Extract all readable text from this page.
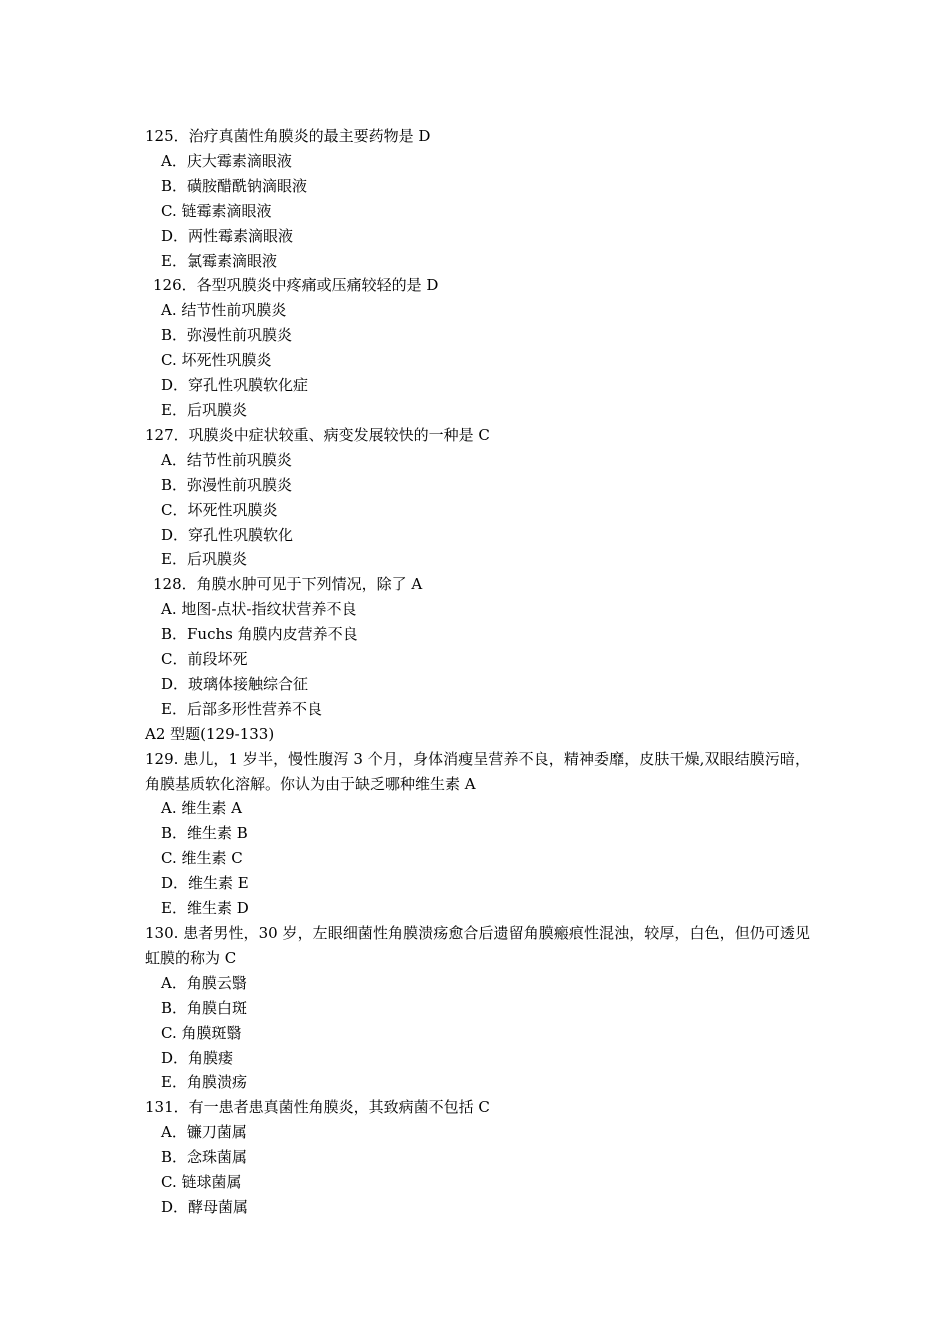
125．治疗真菌性角膜炎的最主要药物是 D
A．庆大霉素滴眼液
B．磺胺醋酰钠滴眼液
C. 链霉素滴眼液
D．两性霉素滴眼液
E．氯霉素滴眼液
126．各型巩膜炎中疼痛或压痛较轻的是 D
A. 结节性前巩膜炎
B．弥漫性前巩膜炎
C. 坏死性巩膜炎
D．穿孔性巩膜软化症
E．后巩膜炎
127．巩膜炎中症状较重、病变发展较快的一种是 C
A．结节性前巩膜炎
B．弥漫性前巩膜炎
C．坏死性巩膜炎
D．穿孔性巩膜软化
E．后巩膜炎
128．角膜水肿可见于下列情况，除了 A
A. 地图-点状-指纹状营养不良
B．Fuchs 角膜内皮营养不良
C．前段坏死
D．玻璃体接触综合征
E．后部多形性营养不良
A2 型题(129-133)
129. 患儿，1 岁半，慢性腹泻 3 个月，身体消瘦呈营养不良，精神委靡，皮肤干燥,双眼结膜污暗，角膜基质软化溶解。你认为由于缺乏哪种维生素 A
A. 维生素 A
B．维生素 B
C. 维生素 C
D．维生素 E
E．维生素 D
130. 患者男性，30 岁，左眼细菌性角膜溃疡愈合后遗留角膜瘢痕性混浊，较厚，白色，但仍可透见虹膜的称为 C
A．角膜云翳
B．角膜白斑
C. 角膜斑翳
D．角膜瘘
E．角膜溃疡
131．有一患者患真菌性角膜炎，其致病菌不包括 C
A．镰刀菌属
B．念珠菌属
C. 链球菌属
D．酵母菌属
